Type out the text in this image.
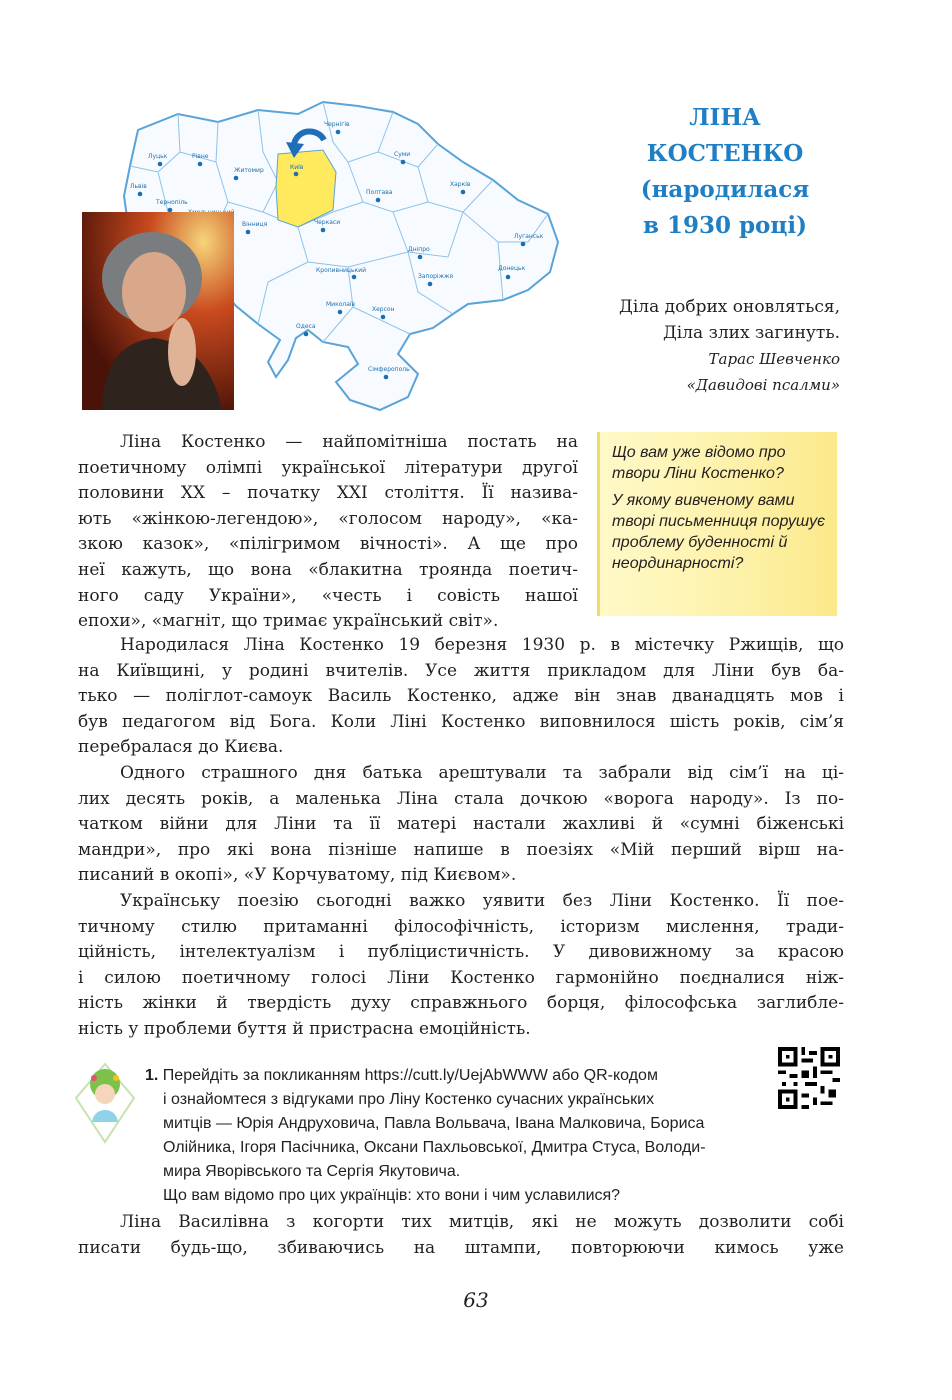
Луцьк	Рівне
Житомир	Київ
Чернігів
Суми
Харків
Полтава
Черкаси
Вінниця
Тернопіль
Львів
Кропивницький
Дніпро
Запоріжжя
Донецьк
Луганськ
Миколаїв
Одеса
Херсон
Сімферополь
ЛІНА
КОСТЕНКО
(народилася
в 1930 році)
Діла добрих оновляться,
Діла злих загинуть.
Тарас Шевченко
«Давидові псалми»

Що вам уже відомо про твори Ліни Костенко?

У якому вивченому вами творі письменниця порушує проблему буденності й неординарності?

Ліна Костенко — найпомітніша постать на
поетичному олімпі української літератури другої
половини XX – початку XXI століття. Її назива-
ють «жінкою-легендою», «голосом народу», «ка-
зкою казок», «пілігримом вічності». А ще про
неї кажуть, що вона «блакитна троянда поетич-
ного саду України», «честь і совість нашої
епохи», «магніт, що тримає український світ».
Народилася Ліна Костенко 19 березня 1930 р. в містечку Ржищів, що
на Київщині, у родині вчителів. Усе життя прикладом для Ліни був ба-
тько — поліглот-самоук Василь Костенко, адже він знав дванадцять мов і
був педагогом від Бога. Коли Ліні Костенко виповнилося шість років, сім’я
перебралася до Києва.
Одного страшного дня батька арештували та забрали від сім’ї на ці-
лих десять років, а маленька Ліна стала дочкою «ворога народу». Із по-
чатком війни для Ліни та її матері настали жахливі й «сумні біженські
мандри», про які вона пізніше напише в поезіях «Мій перший вірш на-
писаний в окопі», «У Корчуватому, під Києвом».
Українську поезію сьогодні важко уявити без Ліни Костенко. Її пое-
тичному стилю притаманні філософічність, історизм мислення, тради-
ційність, інтелектуалізм і публіцистичність. У дивовижному за красою
і силою поетичному голосі Ліни Костенко гармонійно поєдналися ніж-
ність жінки й твердість духу справжнього борця, філософська заглибле-
ність у проблеми буття й пристрасна емоційність.
1. Перейдіть за покликанням https://cutt.ly/UejAbWWW або QR-кодом
і ознайомтеся з відгуками про Ліну Костенко сучасних українських
митців — Юрія Андруховича, Павла Вольвача, Івана Малковича, Бориса
Олійника, Ігоря Пасічника, Оксани Пахльовської, Дмитра Стуса, Володи-
мира Яворівського та Сергія Якутовича.
Що вам відомо про цих українців: хто вони і чим уславилися?
Ліна Василівна з когорти тих митців, які не можуть дозволити собі
писати будь-що, збиваючись на штампи, повторюючи кимось уже
63
